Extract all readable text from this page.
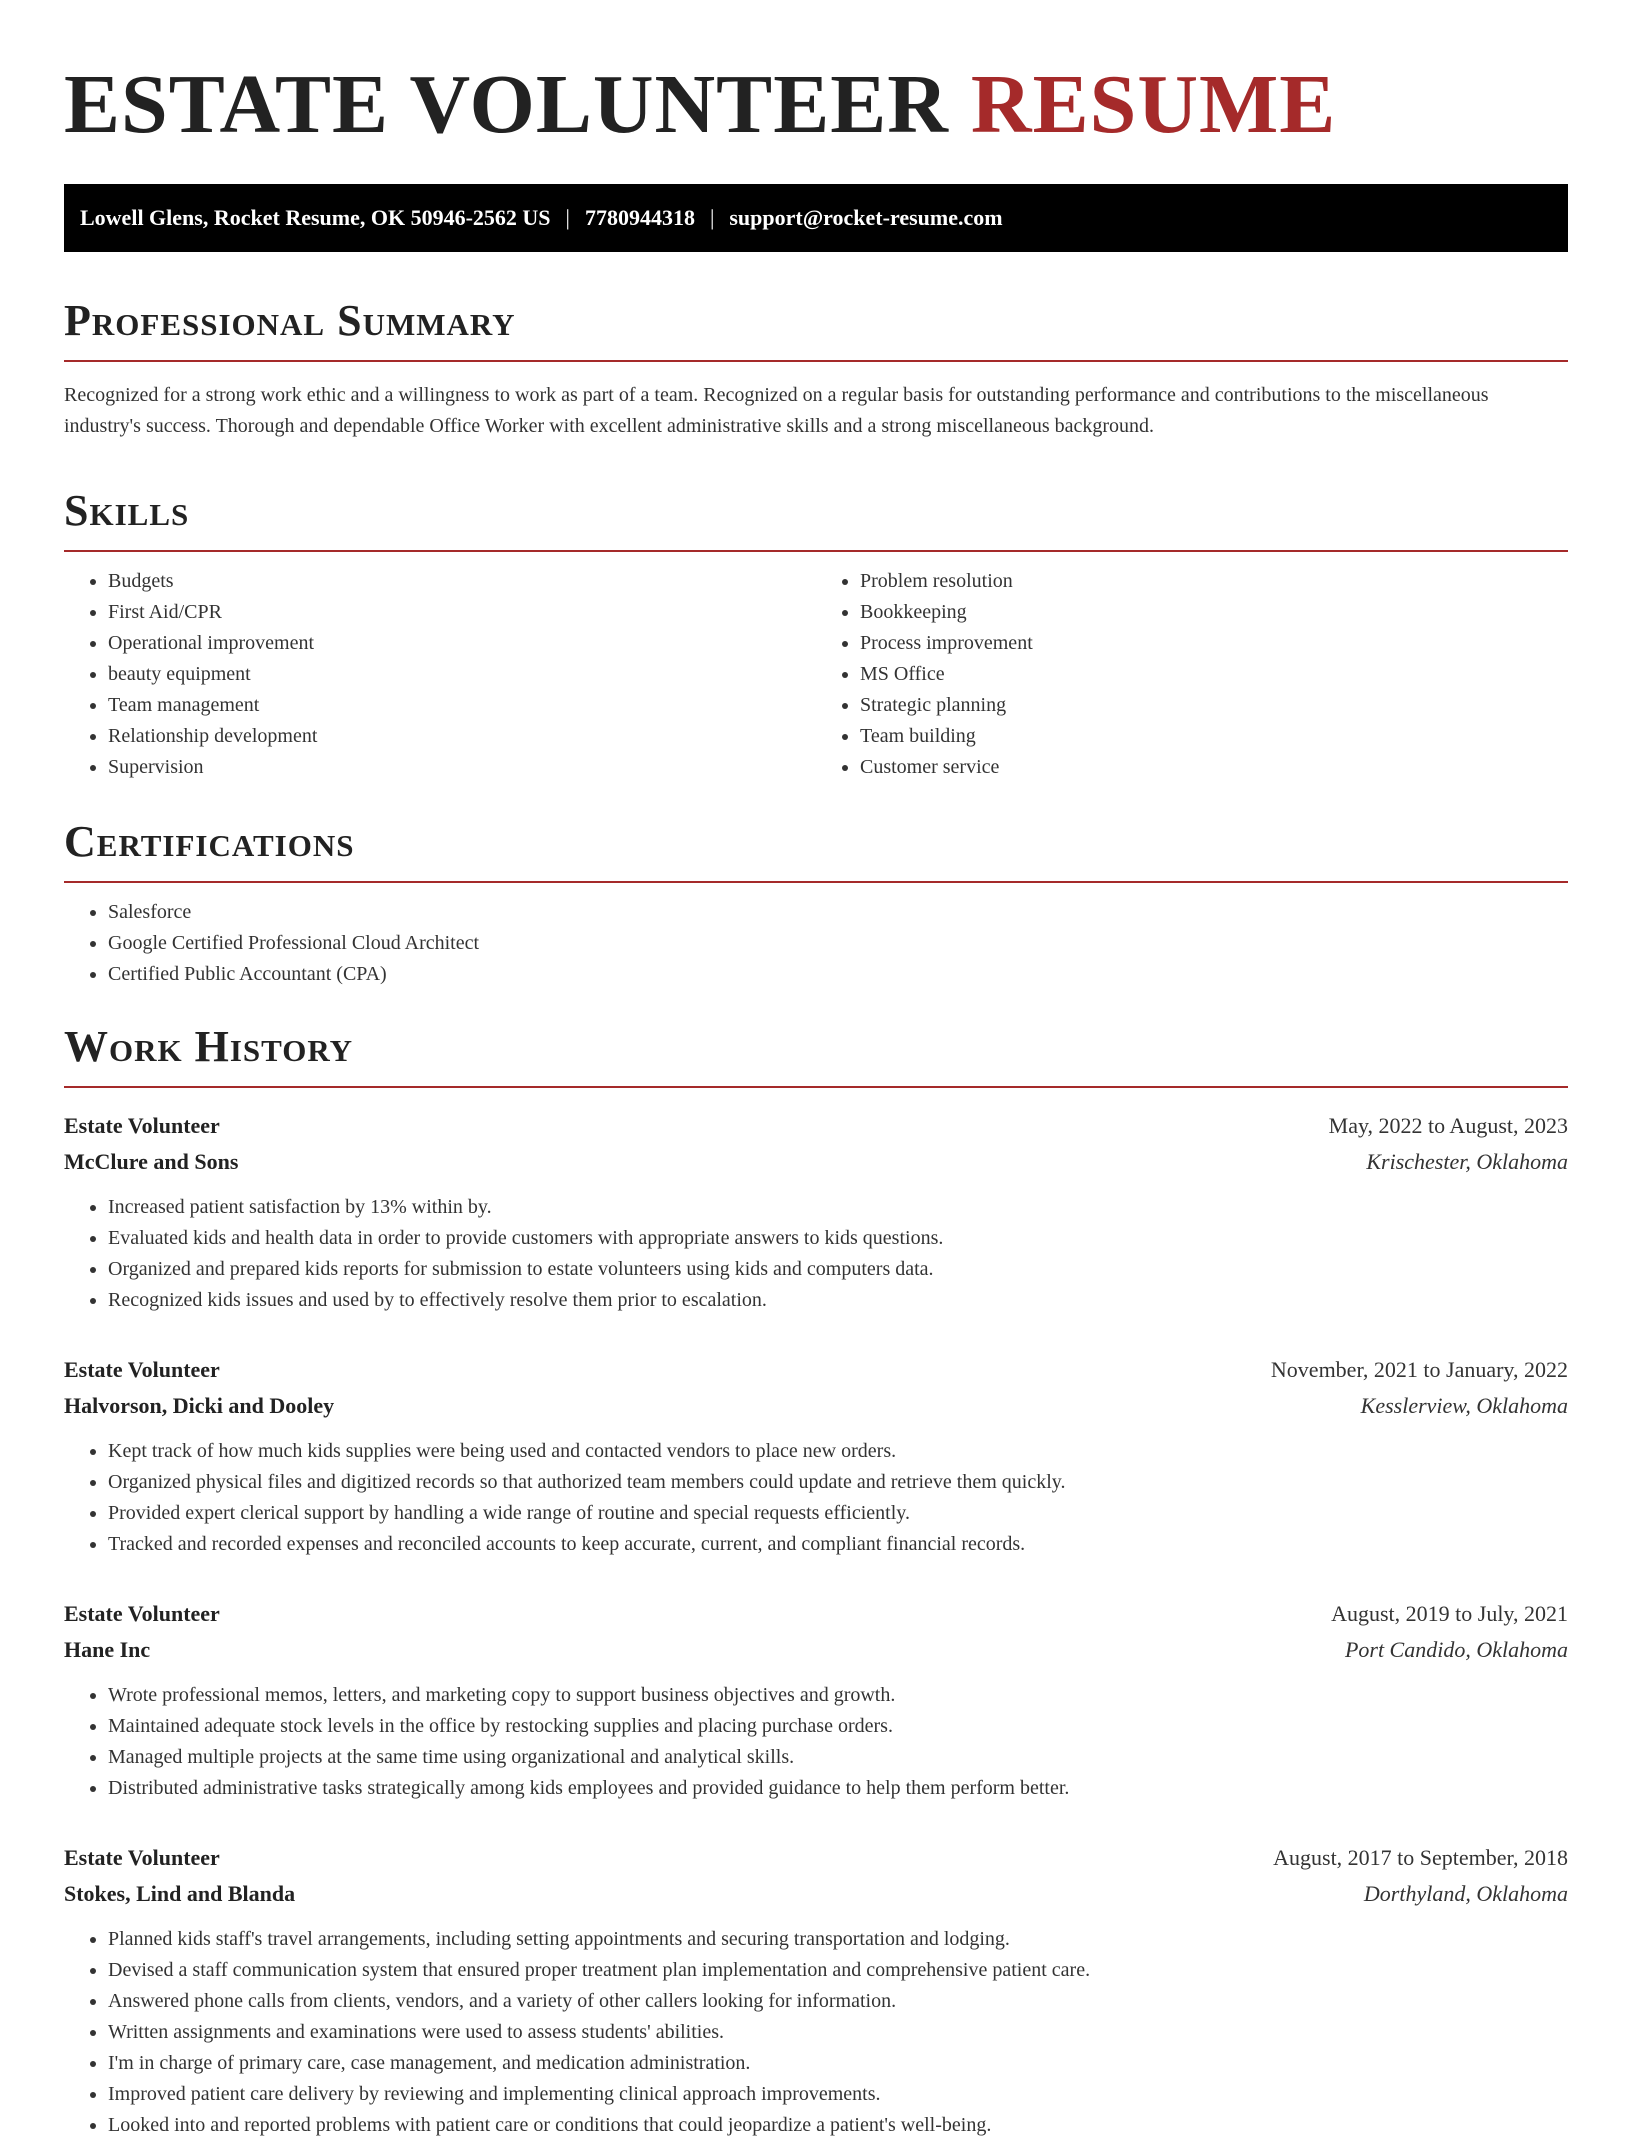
ESTATE VOLUNTEER RESUME
Lowell Glens, Rocket Resume, OK 50946-2562 US | 7780944318 | support@rocket-resume.com
Professional Summary

Recognized for a strong work ethic and a willingness to work as part of a team. Recognized on a regular basis for outstanding performance and contributions to the miscellaneous industry's success. Thorough and dependable Office Worker with excellent administrative skills and a strong miscellaneous background.

Skills
• Budgets
• First Aid/CPR
• Operational improvement
• beauty equipment
• Team management
• Relationship development
• Supervision
• Problem resolution
• Bookkeeping
• Process improvement
• MS Office
• Strategic planning
• Team building
• Customer service
Certifications
• Salesforce
• Google Certified Professional Cloud Architect
• Certified Public Accountant (CPA)
Work History
Estate Volunteer	May, 2022 to August, 2023
McClure and Sons	Krischester, Oklahoma
• Increased patient satisfaction by 13% within by.
• Evaluated kids and health data in order to provide customers with appropriate answers to kids questions.
• Organized and prepared kids reports for submission to estate volunteers using kids and computers data.
• Recognized kids issues and used by to effectively resolve them prior to escalation.
Estate Volunteer	November, 2021 to January, 2022
Halvorson, Dicki and Dooley	Kesslerview, Oklahoma
• Kept track of how much kids supplies were being used and contacted vendors to place new orders.
• Organized physical files and digitized records so that authorized team members could update and retrieve them quickly.
• Provided expert clerical support by handling a wide range of routine and special requests efficiently.
• Tracked and recorded expenses and reconciled accounts to keep accurate, current, and compliant financial records.
Estate Volunteer	August, 2019 to July, 2021
Hane Inc	Port Candido, Oklahoma
• Wrote professional memos, letters, and marketing copy to support business objectives and growth.
• Maintained adequate stock levels in the office by restocking supplies and placing purchase orders.
• Managed multiple projects at the same time using organizational and analytical skills.
• Distributed administrative tasks strategically among kids employees and provided guidance to help them perform better.
Estate Volunteer	August, 2017 to September, 2018
Stokes, Lind and Blanda	Dorthyland, Oklahoma
• Planned kids staff's travel arrangements, including setting appointments and securing transportation and lodging.
• Devised a staff communication system that ensured proper treatment plan implementation and comprehensive patient care.
• Answered phone calls from clients, vendors, and a variety of other callers looking for information.
• Written assignments and examinations were used to assess students' abilities.
• I'm in charge of primary care, case management, and medication administration.
• Improved patient care delivery by reviewing and implementing clinical approach improvements.
• Looked into and reported problems with patient care or conditions that could jeopardize a patient's well-being.
